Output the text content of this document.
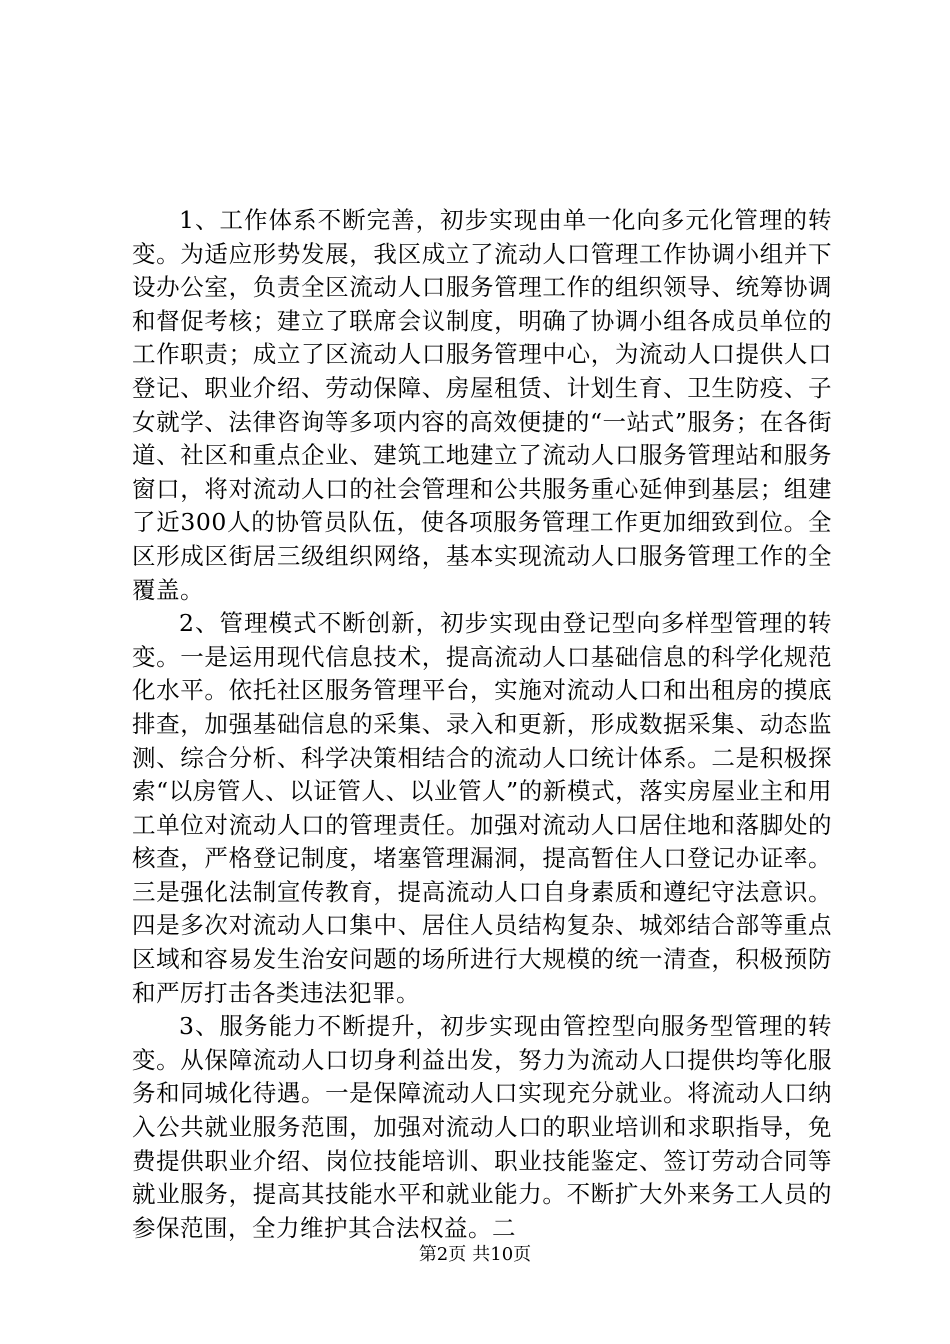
1、工作体系不断完善，初步实现由单一化向多元化管理的转变。为适应形势发展，我区成立了流动人口管理工作协调小组并下设办公室，负责全区流动人口服务管理工作的组织领导、统筹协调和督促考核；建立了联席会议制度，明确了协调小组各成员单位的工作职责；成立了区流动人口服务管理中心，为流动人口提供人口登记、职业介绍、劳动保障、房屋租赁、计划生育、卫生防疫、子女就学、法律咨询等多项内容的高效便捷的“一站式”服务；在各街道、社区和重点企业、建筑工地建立了流动人口服务管理站和服务窗口，将对流动人口的社会管理和公共服务重心延伸到基层；组建了近300人的协管员队伍，使各项服务管理工作更加细致到位。全区形成区街居三级组织网络，基本实现流动人口服务管理工作的全覆盖。

2、管理模式不断创新，初步实现由登记型向多样型管理的转变。一是运用现代信息技术，提高流动人口基础信息的科学化规范化水平。依托社区服务管理平台，实施对流动人口和出租房的摸底排查，加强基础信息的采集、录入和更新，形成数据采集、动态监测、综合分析、科学决策相结合的流动人口统计体系。二是积极探索“以房管人、以证管人、以业管人”的新模式，落实房屋业主和用工单位对流动人口的管理责任。加强对流动人口居住地和落脚处的核查，严格登记制度，堵塞管理漏洞，提高暂住人口登记办证率。三是强化法制宣传教育，提高流动人口自身素质和遵纪守法意识。四是多次对流动人口集中、居住人员结构复杂、城郊结合部等重点区域和容易发生治安问题的场所进行大规模的统一清查，积极预防和严厉打击各类违法犯罪。

3、服务能力不断提升，初步实现由管控型向服务型管理的转变。从保障流动人口切身利益出发，努力为流动人口提供均等化服务和同城化待遇。一是保障流动人口实现充分就业。将流动人口纳入公共就业服务范围，加强对流动人口的职业培训和求职指导，免费提供职业介绍、岗位技能培训、职业技能鉴定、签订劳动合同等就业服务，提高其技能水平和就业能力。不断扩大外来务工人员的参保范围，全力维护其合法权益。二

第2页 共10页
